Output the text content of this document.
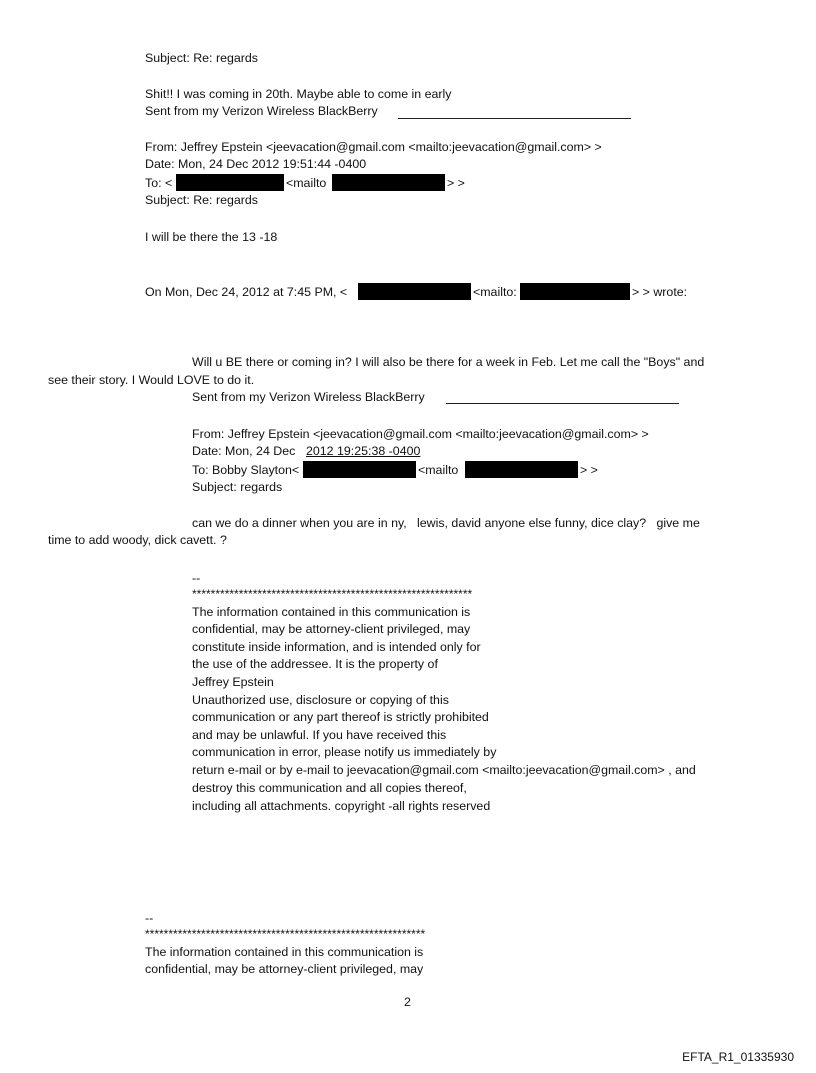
Subject: Re: regards
Shit!! I was coming in 20th. Maybe able to come in early
Sent from my Verizon Wireless BlackBerry
From: Jeffrey Epstein <jeevacation@gmail.com <mailto:jeevacation@gmail.com> >
Date: Mon, 24 Dec 2012 19:51:44 -0400
To: <	<mailto	> >
Subject: Re: regards
I will be there the 13 -18
On Mon, Dec 24, 2012 at 7:45 PM, <	<mailto:	> > wrote:
Will u BE there or coming in? I will also be there for a week in Feb. Let me call the "Boys" and
see their story. I Would LOVE to do it.
Sent from my Verizon Wireless BlackBerry
From: Jeffrey Epstein <jeevacation@gmail.com <mailto:jeevacation@gmail.com> >
Date: Mon, 24 Dec 2012 19:25:38 -0400
To: Bobby Slayton<	<mailto	> >
Subject: regards
can we do a dinner when you are in ny,   lewis, david anyone else funny, dice clay?   give me
time to add woody, dick cavett. ?
--
************************************************************
The information contained in this communication is
confidential, may be attorney-client privileged, may
constitute inside information, and is intended only for
the use of the addressee. It is the property of
Jeffrey Epstein
Unauthorized use, disclosure or copying of this
communication or any part thereof is strictly prohibited
and may be unlawful. If you have received this
communication in error, please notify us immediately by
return e-mail or by e-mail to jeevacation@gmail.com <mailto:jeevacation@gmail.com> , and
destroy this communication and all copies thereof,
including all attachments. copyright -all rights reserved
--
************************************************************
The information contained in this communication is
confidential, may be attorney-client privileged, may
2
EFTA_R1_01335930
